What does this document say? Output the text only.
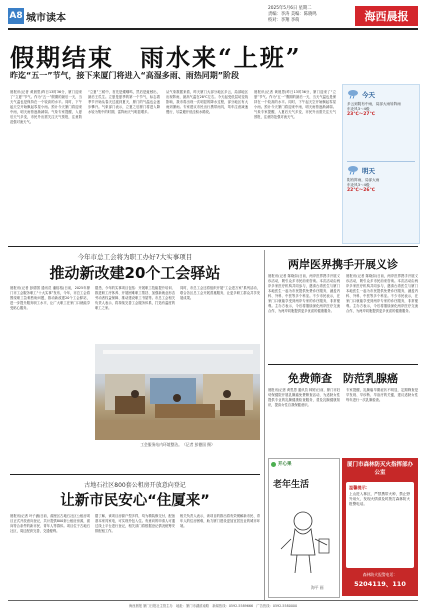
A8 城市读本
2025年5月6日 星期二
责编：李涛 美编：陈晓鸣
校对：李翔 李萌	海西晨报
假期结束　雨水来“上班”
昨迄“五一”节气，接下来厦门将进入“高湿多雨、雨热同期”阶段
晨报讯(记者 黄晨思)昨日13时36分，厦门迎来了“立夏”节气。作为“五一”假期的最后一天，当天气温也是保持在一个较高的水平。同时，下午起天空开始飘起零星小雨。预计今天厦门将迎来中雨，明天雨势逐渐减弱。气象专家提醒，入夏后天气多变，市民外出需关注天气预报，注意防范强对流天气。
“立夏”三候中，首先是蝼蝈鸣，然后是蚯蚓出，最后王瓜生。立夏是夏季的第一个节气，标志着季节开始从春天过渡到夏天，厦门的气温也会逐步攀升。气象部门表示，立夏之后厦门将进入降水较为集中的时期，雷阵雨天气明显增多。
从气象数据来看，昨天厦门大部分地区多云，局部地区出现阵雨，最高气温在28℃左右。今天起受低层切变线影响，我市将出现一次明显的降水过程，部分地区有大雨到暴雨。专家建议市民出行携带雨具，驾车注意减速慢行，尽量避开低洼积水路段。
晨报讯(记者 黄晨思)昨日13时36分，厦门迎来了“立夏”节气。作为“五一”假期的最后一天，当天气温也是保持在一个较高的水平。同时，下午起天空开始飘起零星小雨。预计今天厦门将迎来中雨，明天雨势逐渐减弱。气象专家提醒，入夏后天气多变，市民外出需关注天气预报，注意防范强对流天气。
今天
多云到阴有中雨，局部大雨转阵雨
东北风3～4级
23℃～27℃
明天
阴有阵雨，局部大雨
东北风3～4级
22℃～26℃
今年市总工会将为职工办好7大实事项目
推动新改建20个工会驿站
晨报讯(记者 彭德国 通讯员 潘榕榕)日前，2025年厦门市工会服务职工“十大实事”发布，今年，市总工会将围绕职工急难愁盼问题，推动新改建20个工会驿站，进一步提升服务职工水平，让广大职工在家门口就能享受贴心服务。
据悉，今年的实事项目包括：开展职工技能提升培训、推进职工疗休养、开展困难职工帮扶、加强新就业形态劳动者权益保障、推动建设职工书屋等。市总工会相关负责人表示，将持续完善工会服务体系，打造有温度的职工之家。
同时，市总工会还将组织开展“工会进万家”系列活动，联合各区总工会开展普惠服务，让更多职工群众共享发展成果。
工会服务站内环境整洁。（记者 彭德国 摄）
古地石社区800套公租房开放意向登记
让新市民安心“住厦来”
晨报讯(记者 叶子涵)日前，湖里区古地石社区公租房项目正式开放意向登记，共计提供800套公租房房源，面向符合条件的新市民、青年人等群体。项目位于古地石社区，周边配套完善，交通便利。
据了解，该项目房源户型多样，均为精装修交付，配备基本家具家电，可实现拎包入住。有意向的申请人可通过线上平台进行登记，相关部门将根据登记情况统筹安排配租工作。
相关负责人表示，该项目的推出将有效缓解新市民、青年人的住房困难，助力厦门建设更加宜居宜业的城市环境。
两岸医界携手开展义诊
晨报讯(记者 陈晓如)日前，两岸医界携手开展义诊活动，吸引众多市民前来咨询。本次活动由两岸多家医疗机构共同参与，邀请台湾医生与厦门本地医生一起为市民提供免费诊疗服务，涵盖内科、外科、中医等多个科室。不少市民表示，在家门口就能享受到两岸专家的诊疗服务，非常便利。主办方表示，今后将继续深化两岸医疗交流合作，为两岸同胞提供更多优质的健康服务。
晨报讯(记者 陈晓如)日前，两岸医界携手开展义诊活动，吸引众多市民前来咨询。本次活动由两岸多家医疗机构共同参与，邀请台湾医生与厦门本地医生一起为市民提供免费诊疗服务，涵盖内科、外科、中医等多个科室。不少市民表示，在家门口就能享受到两岸专家的诊疗服务，非常便利。主办方表示，今后将继续深化两岸医疗交流合作，为两岸同胞提供更多优质的健康服务。
免费筛查　防范乳腺癌
晨报讯(记者 黄思思 通讯员 林婷)日前，厦门市妇幼保健院开展乳腺癌免费筛查活动，为适龄女性提供专业的乳腺健康检查服务，普及乳腺健康知识，提高女性自我保健意识。
专家提醒，乳腺癌早期症状不明显，定期筛查是早发现、早诊断、早治疗的关键，建议适龄女性每年进行一次乳腺检查。
开心果
老年生活
海平 画
厦门市森林防灭火指挥部办公室
温馨提示：
上山进入林区，严禁携带火种，禁止野外用火，发现火情请及时拨打森林防火报警电话。
森林防火报警电话：
5204119、110
海西晨报 厦门日报社主管主办　地址：厦门市湖滨南路　新闻热线：0592-5589666　广告热线：0592-5580000
